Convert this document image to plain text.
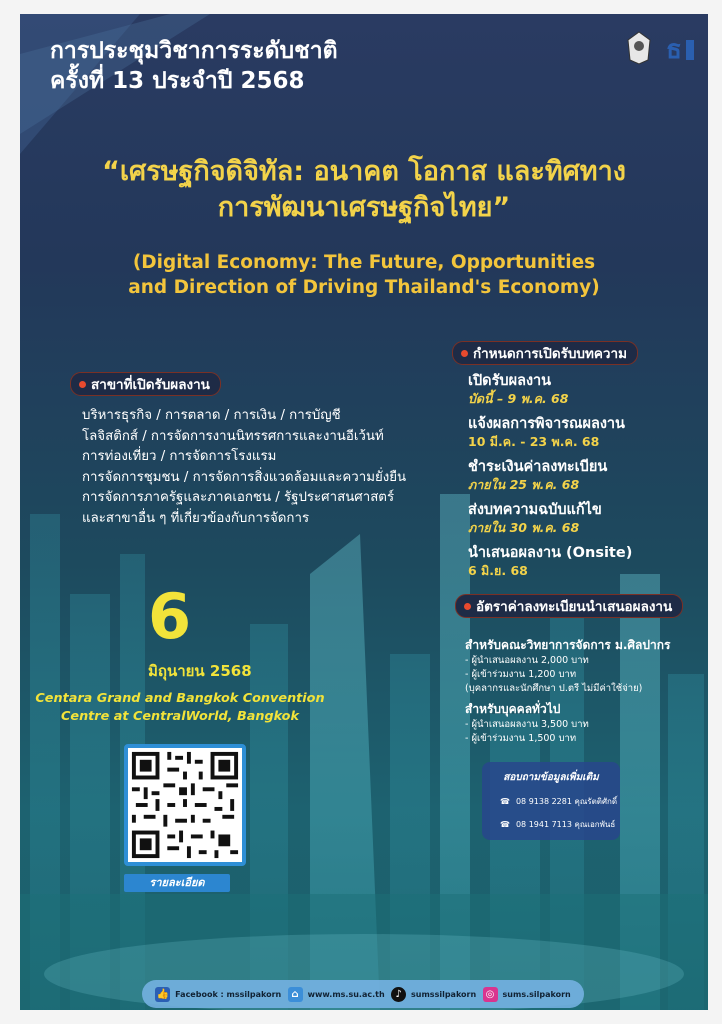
การประชุมวิชาการระดับชาติ
ครั้งที่ 13 ประจำปี 2568
ธ
“เศรษฐกิจดิจิทัล: อนาคต โอกาส และทิศทาง
การพัฒนาเศรษฐกิจไทย”
(Digital Economy: The Future, Opportunities
and Direction of Driving Thailand's Economy)
สาขาที่เปิดรับผลงาน
บริหารธุรกิจ / การตลาด / การเงิน / การบัญชี
โลจิสติกส์ / การจัดการงานนิทรรศการและงานอีเว้นท์
การท่องเที่ยว / การจัดการโรงแรม
การจัดการชุมชน / การจัดการสิ่งแวดล้อมและความยั่งยืน
การจัดการภาครัฐและภาคเอกชน / รัฐประศาสนศาสตร์
และสาขาอื่น ๆ ที่เกี่ยวข้องกับการจัดการ
6
มิถุนายน 2568
Centara Grand and Bangkok Convention
Centre at CentralWorld, Bangkok
รายละเอียด
กำหนดการเปิดรับบทความ
เปิดรับผลงาน
บัดนี้ – 9 พ.ค. 68
แจ้งผลการพิจารณผลงาน
10 มี.ค. - 23 พ.ค. 68
ชำระเงินค่าลงทะเบียน
ภายใน 25 พ.ค. 68
ส่งบทความฉบับแก้ไข
ภายใน 30 พ.ค. 68
นำเสนอผลงาน (Onsite)
6 มิ.ย. 68
อัตราค่าลงทะเบียนนำเสนอผลงาน
สำหรับคณะวิทยาการจัดการ ม.ศิลปากร
- ผู้นำเสนอผลงาน 2,000 บาท
- ผู้เข้าร่วมงาน 1,200 บาท
(บุคลากรและนักศึกษา ป.ตรี ไม่มีค่าใช้จ่าย)
สำหรับบุคคลทั่วไป
- ผู้นำเสนอผลงาน 3,500 บาท
- ผู้เข้าร่วมงาน 1,500 บาท
สอบถามข้อมูลเพิ่มเติม
☎ 08 9138 2281 คุณรัตติศักดิ์
☎ 08 1941 7113 คุณเอกพันธ์
👍 Facebook : mssilpakorn	⌂	www.ms.su.ac.th	♪	sumssilpakorn ◎	sums.silpakorn
